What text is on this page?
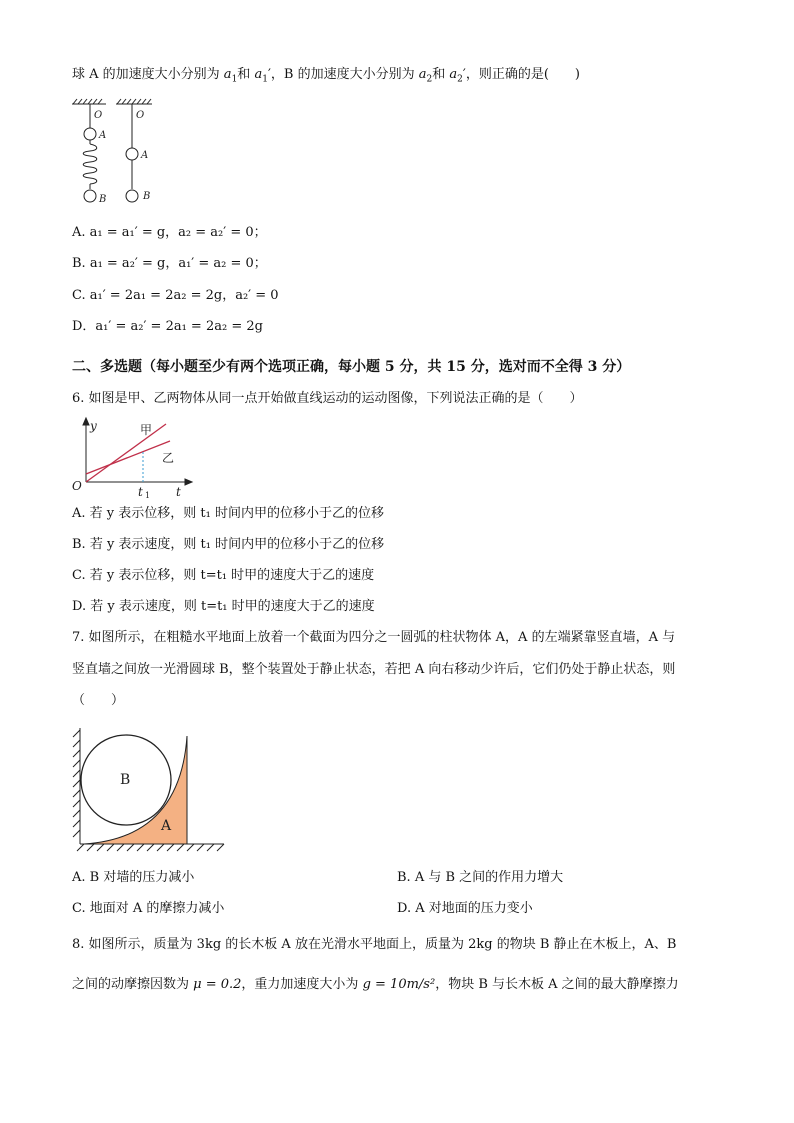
球 A 的加速度大小分别为 $a_1$和 $a_1'$，B 的加速度大小分别为 $a_2$和 $a_2'$，则正确的是(　　)
O	O
A
A
B	B
A. a₁ = a₁′ = g，a₂ = a₂′ = 0；
B. a₁ = a₂′ = g，a₁′ = a₂ = 0；
C. a₁′ = 2a₁ = 2a₂ = 2g，a₂′ = 0
D．a₁′ = a₂′ = 2a₁ = 2a₂ = 2g
二、多选题（每小题至少有两个选项正确，每小题 5 分，共 15 分，选对而不全得 3 分）
6. 如图是甲、乙两物体从同一点开始做直线运动的运动图像，下列说法正确的是（　　）
y
O	t
t 1
甲
乙
A. 若 y 表示位移，则 t₁ 时间内甲的位移小于乙的位移
B. 若 y 表示速度，则 t₁ 时间内甲的位移小于乙的位移
C. 若 y 表示位移，则 t=t₁ 时甲的速度大于乙的速度
D. 若 y 表示速度，则 t=t₁ 时甲的速度大于乙的速度
7. 如图所示，在粗糙水平地面上放着一个截面为四分之一圆弧的柱状物体 A，A 的左端紧靠竖直墙，A 与
竖直墙之间放一光滑圆球 B，整个装置处于静止状态，若把 A 向右移动少许后，它们仍处于静止状态，则
（　　）
B
A
A. B 对墙的压力减小	B. A 与 B 之间的作用力增大
C. 地面对 A 的摩擦力减小	D. A 对地面的压力变小
8. 如图所示，质量为 3kg 的长木板 A 放在光滑水平地面上，质量为 2kg 的物块 B 静止在木板上，A、B
之间的动摩擦因数为 μ = 0.2，重力加速度大小为 g = 10m/s²，物块 B 与长木板 A 之间的最大静摩擦力
